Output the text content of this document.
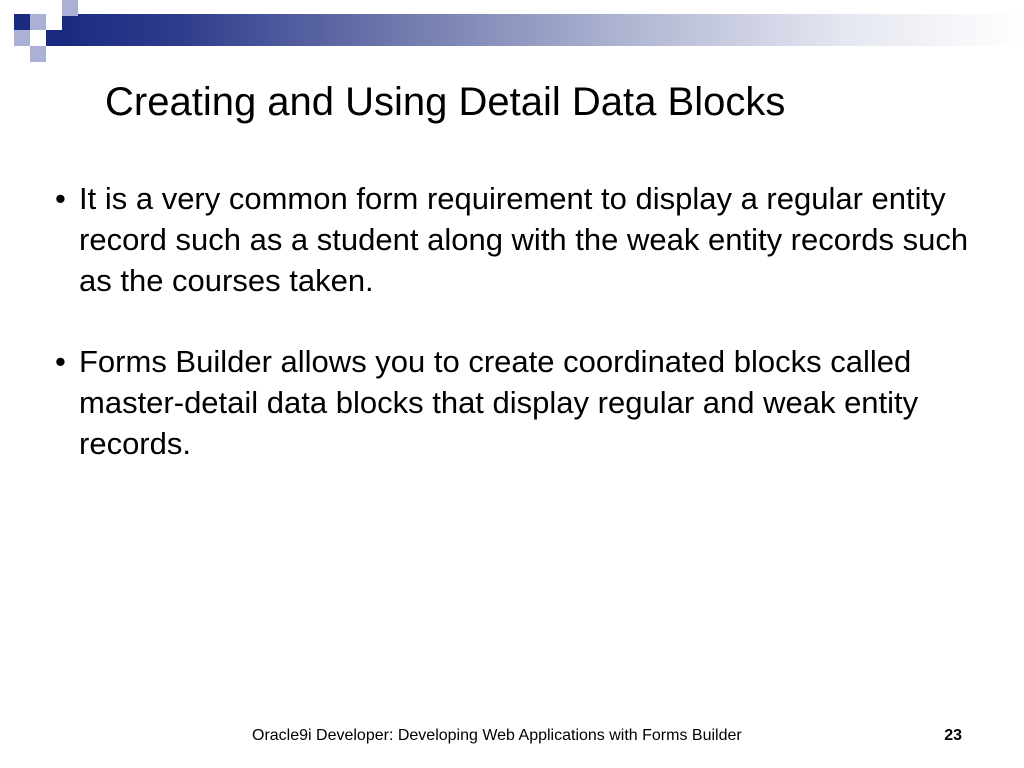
Creating and Using Detail Data Blocks
• It is a very common form requirement to display a regular entity record such as a student along with the weak entity records such as the courses taken.
• Forms Builder allows you to create coordinated blocks called master-detail data blocks that display regular and weak entity records.
Oracle9i Developer: Developing Web Applications with Forms Builder	23
